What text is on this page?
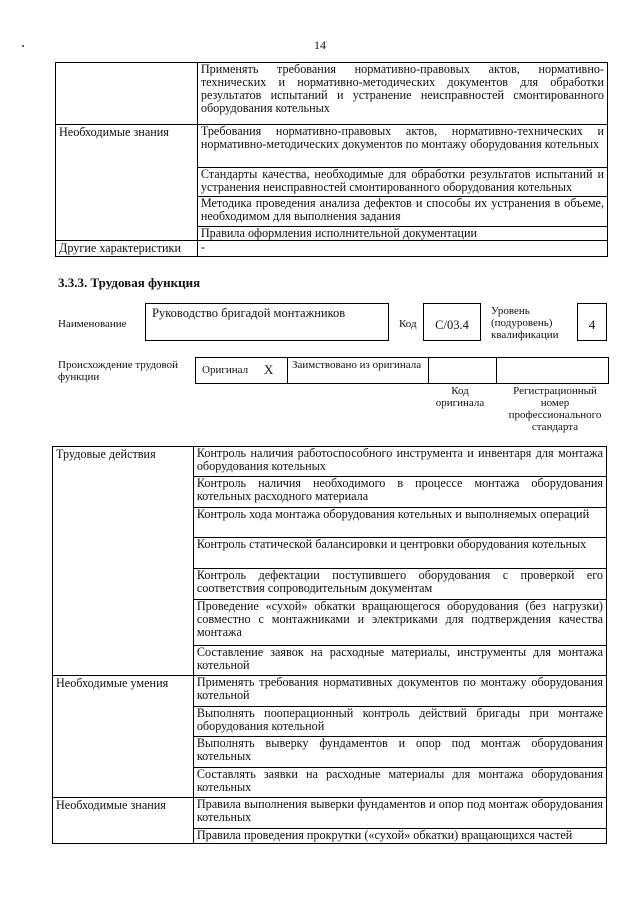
14
	Применять требования нормативно-правовых актов, нормативно-технических и нормативно-методических документов для обработки результатов испытаний и устранение неисправностей смонтированного оборудования котельных
Необходимые знания	Требования нормативно-правовых актов, нормативно-технических и нормативно-методических документов по монтажу оборудования котельных
	Стандарты качества, необходимые для обработки результатов испытаний и устранения неисправностей смонтированного оборудования котельных
	Методика проведения анализа дефектов и способы их устранения в объеме, необходимом для выполнения задания
	Правила оформления исполнительной документации
Другие характеристики	-
3.3.3. Трудовая функция
Наименование
Руководство бригадой монтажников
Код	С/03.4
Уровень (подуровень) квалификации
4
Происхождение трудовой функции
Оригинал X Заимствовано из оригинала
Код оригинала
Регистрационный номер профессионального стандарта
Трудовые действия	Контроль наличия работоспособного инструмента и инвентаря для монтажа оборудования котельных
	Контроль наличия необходимого в процессе монтажа оборудования котельных расходного материала
	Контроль хода монтажа оборудования котельных и выполняемых операций
	Контроль статической балансировки и центровки оборудования котельных
	Контроль дефектации поступившего оборудования с проверкой его соответствия сопроводительным документам
	Проведение «сухой» обкатки вращающегося оборудования (без нагрузки) совместно с монтажниками и электриками для подтверждения качества монтажа
	Составление заявок на расходные материалы, инструменты для монтажа котельной
Необходимые умения	Применять требования нормативных документов по монтажу оборудования котельной
	Выполнять пооперационный контроль действий бригады при монтаже оборудования котельной
	Выполнять выверку фундаментов и опор под монтаж оборудования котельных
	Составлять заявки на расходные материалы для монтажа оборудования котельных
Необходимые знания	Правила выполнения выверки фундаментов и опор под монтаж оборудования котельных
	Правила проведения прокрутки («сухой» обкатки) вращающихся частей
